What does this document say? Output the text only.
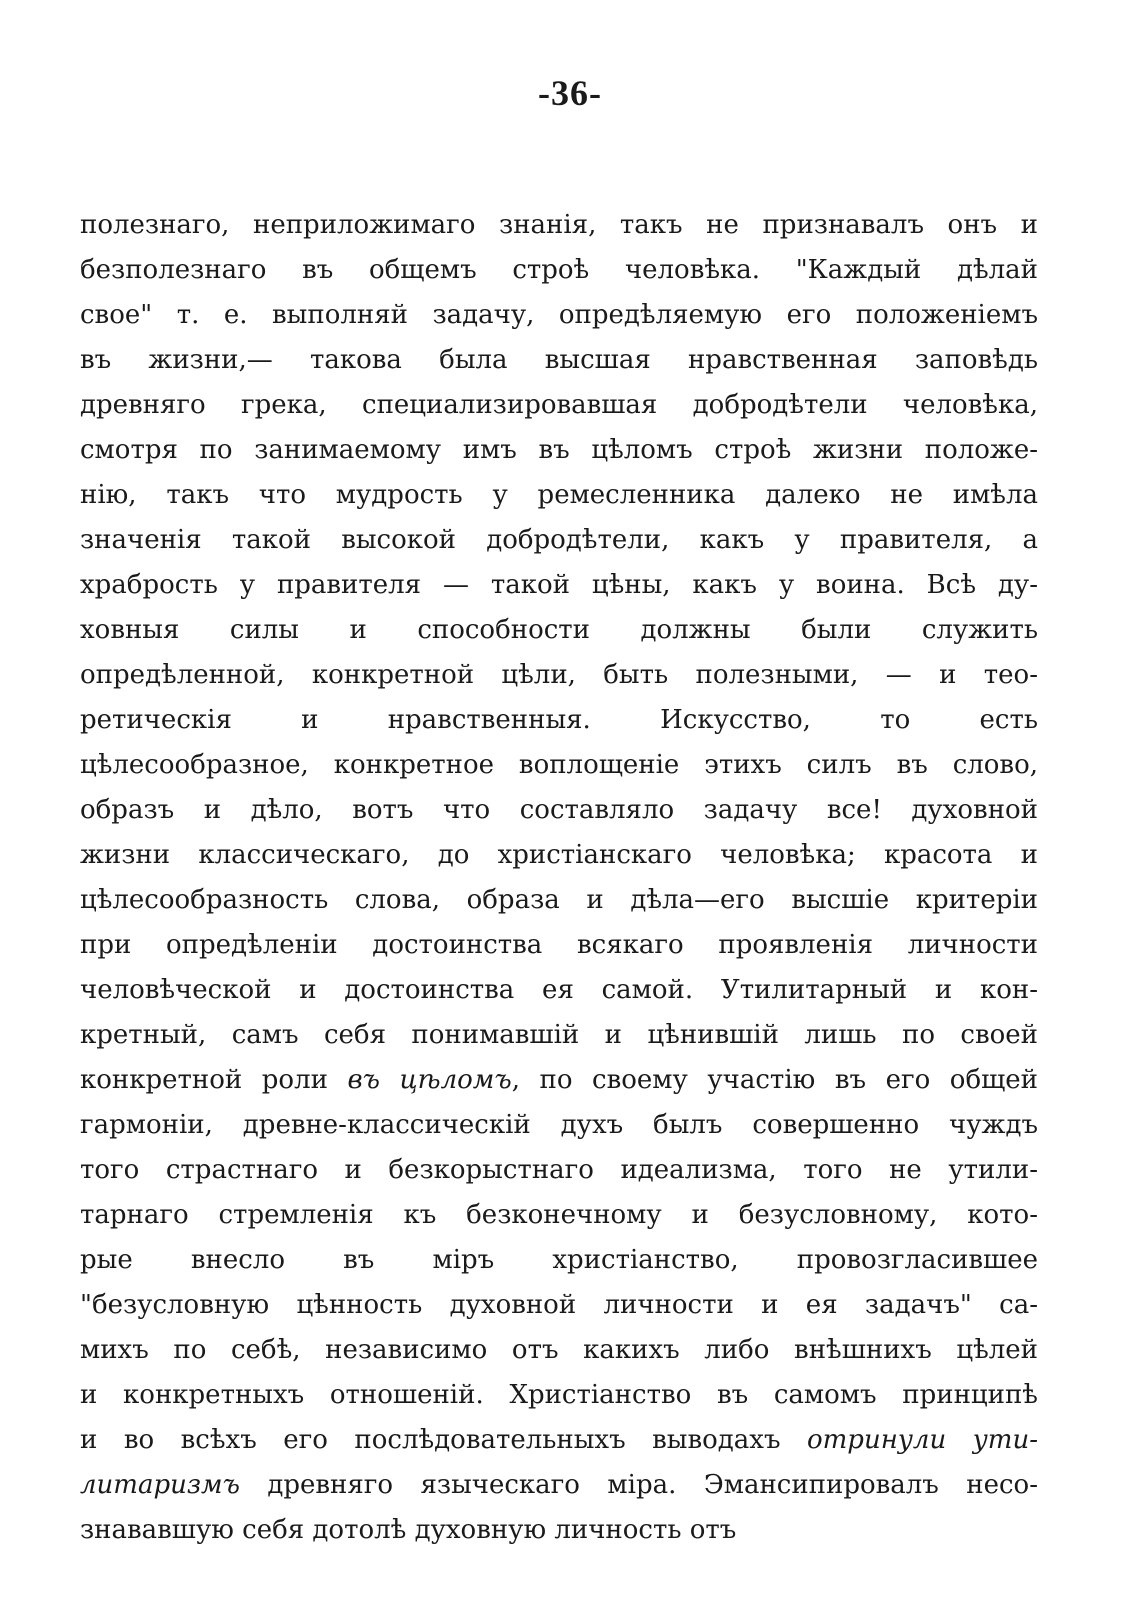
-36-
полезнаго, неприложимаго знанія, такъ не признавалъ онъ и
безполезнаго въ общемъ строѣ человѣка. "Каждый дѣлай
свое" т. е. выполняй задачу, опредѣляемую его положеніемъ
въ жизни,— такова была высшая нравственная заповѣдь
древняго грека, специализировавшая добродѣтели человѣка,
смотря по занимаемому имъ въ цѣломъ строѣ жизни положе-
нію, такъ что мудрость у ремесленника далеко не имѣла
значенія такой высокой добродѣтели, какъ у правителя, а
храбрость у правителя — такой цѣны, какъ у воина. Всѣ ду-
ховныя силы и способности должны были служить
опредѣленной, конкретной цѣли, быть полезными, — и тео-
ретическія и нравственныя. Искусство, то есть
цѣлесообразное, конкретное воплощеніе этихъ силъ въ слово,
образъ и дѣло, вотъ что составляло задачу все! духовной
жизни классическаго, до христіанскаго человѣка; красота и
цѣлесообразность слова, образа и дѣла—его высшіе критеріи
при опредѣленіи достоинства всякаго проявленія личности
человѣческой и достоинства ея самой. Утилитарный и кон-
кретный, самъ себя понимавшій и цѣнившій лишь по своей
конкретной роли въ цѣломъ, по своему участію въ его общей
гармоніи, древне-классическій духъ былъ совершенно чуждъ
того страстнаго и безкорыстнаго идеализма, того не утили-
тарнаго стремленія къ безконечному и безусловному, кото-
рые внесло въ міръ христіанство, провозгласившее
"безусловную цѣнность духовной личности и ея задачъ" са-
михъ по себѣ, независимо отъ какихъ либо внѣшнихъ цѣлей
и конкретныхъ отношеній. Христіанство въ самомъ принципѣ
и во всѣхъ его послѣдовательныхъ выводахъ отринули ути-
литаризмъ древняго языческаго міра. Эмансипировалъ несо-
знававшую себя дотолѣ духовную личность отъ
